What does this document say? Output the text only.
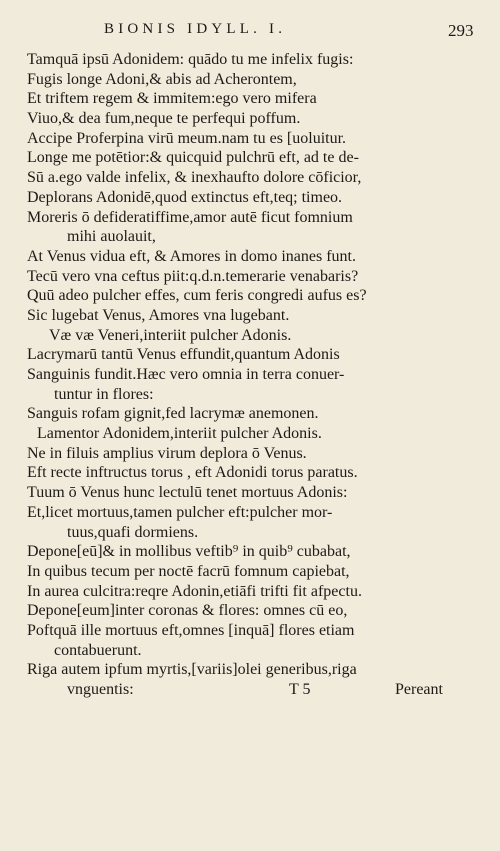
BIONIS IDYLL. I.	293
Tamquā ipsū Adonidem: quādo tu me infelix fugis:
Fugis longe Adoni,& abis ad Acherontem,
Et triftem regem & immitem:ego vero mifera
Viuo,& dea fum,neque te perfequi poffum.
Accipe Proferpina virū meum.nam tu es [uoluitur.
Longe me potētior:& quicquid pulchrū eft, ad te de-
Sū a.ego valde infelix, & inexhaufto dolore cōficior,
Deplorans Adonidē,quod extinctus eft,teq; timeo.
Moreris ō defideratiffime,amor autē ficut fomnium
mihi auolauit,
At Venus vidua eft, & Amores in domo inanes funt.
Tecū vero vna ceftus piit:q.d.n.temerarie venabaris?
Quū adeo pulcher effes, cum feris congredi aufus es?
Sic lugebat Venus, Amores vna lugebant.
Væ væ Veneri,interiit pulcher Adonis.
Lacrymarū tantū Venus effundit,quantum Adonis
Sanguinis fundit.Hæc vero omnia in terra conuer-
tuntur in flores:
Sanguis rofam gignit,fed lacrymæ anemonen.
Lamentor Adonidem,interiit pulcher Adonis.
Ne in filuis amplius virum deplora ō Venus.
Eft recte inftructus torus , eft Adonidi torus paratus.
Tuum ō Venus hunc lectulū tenet mortuus Adonis:
Et,licet mortuus,tamen pulcher eft:pulcher mor-
tuus,quafi dormiens.
Depone[eū]& in mollibus veftib⁹ in quib⁹ cubabat,
In quibus tecum per noctē facrū fomnum capiebat,
In aurea culcitra:reqre Adonin,etiāfi trifti fit afpectu.
Depone[eum]inter coronas & flores: omnes cū eo,
Poftquā ille mortuus eft,omnes [inquā] flores etiam
contabuerunt.
Riga autem ipfum myrtis,[variis]olei generibus,riga
vnguentis:	T 5	Pereant
